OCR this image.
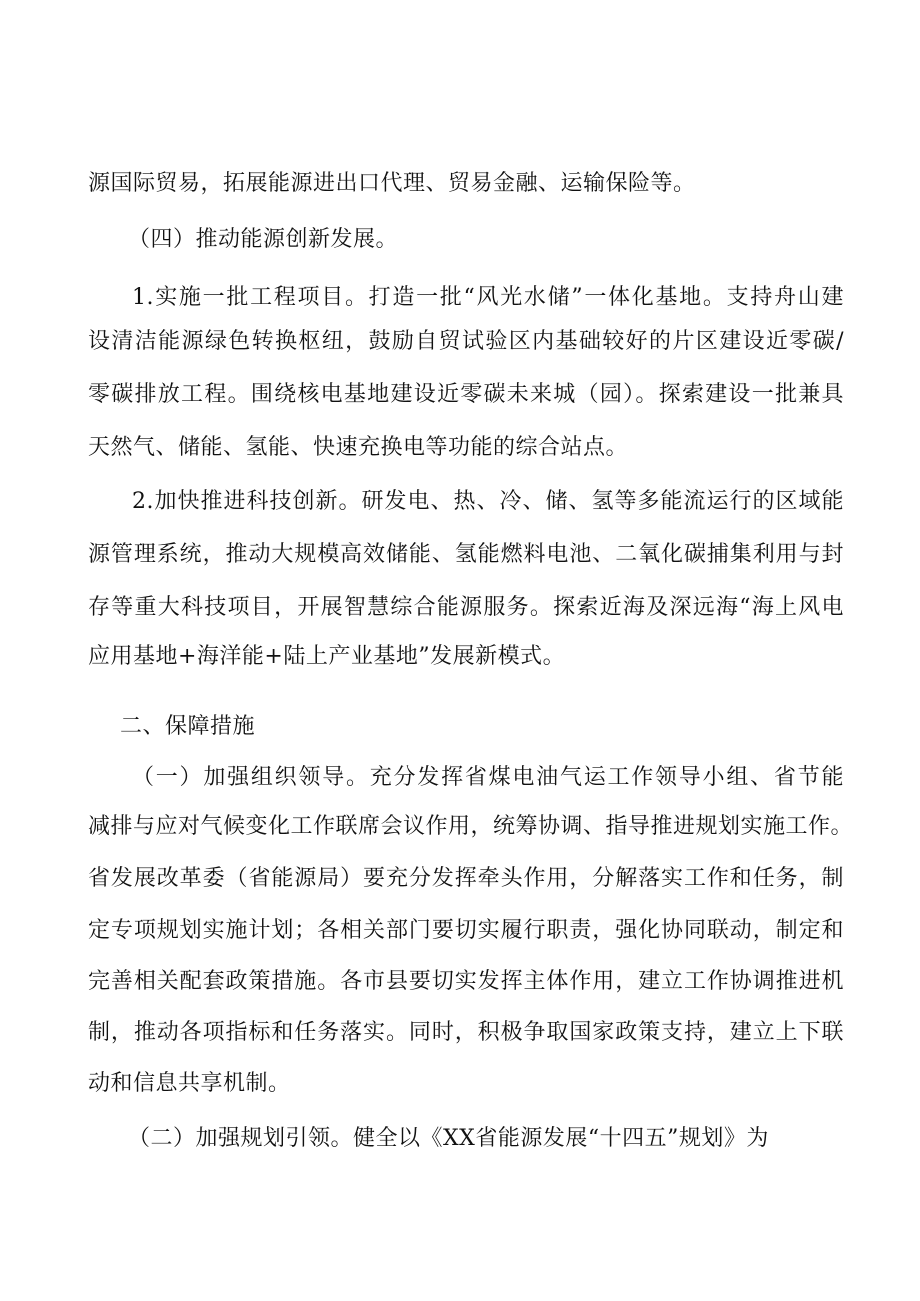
源国际贸易，拓展能源进出口代理、贸易金融、运输保险等。
（四）推动能源创新发展。
1.实施一批工程项目。打造一批“风光水储”一体化基地。支持舟山建
设清洁能源绿色转换枢纽，鼓励自贸试验区内基础较好的片区建设近零碳/
零碳排放工程。围绕核电基地建设近零碳未来城（园）。探索建设一批兼具
天然气、储能、氢能、快速充换电等功能的综合站点。
2.加快推进科技创新。研发电、热、冷、储、氢等多能流运行的区域能
源管理系统，推动大规模高效储能、氢能燃料电池、二氧化碳捕集利用与封
存等重大科技项目，开展智慧综合能源服务。探索近海及深远海“海上风电
应用基地+海洋能+陆上产业基地”发展新模式。
二、保障措施
（一）加强组织领导。充分发挥省煤电油气运工作领导小组、省节能
减排与应对气候变化工作联席会议作用，统筹协调、指导推进规划实施工作。
省发展改革委（省能源局）要充分发挥牵头作用，分解落实工作和任务，制
定专项规划实施计划；各相关部门要切实履行职责，强化协同联动，制定和
完善相关配套政策措施。各市县要切实发挥主体作用，建立工作协调推进机
制，推动各项指标和任务落实。同时，积极争取国家政策支持，建立上下联
动和信息共享机制。
（二）加强规划引领。健全以《XX省能源发展“十四五”规划》为
